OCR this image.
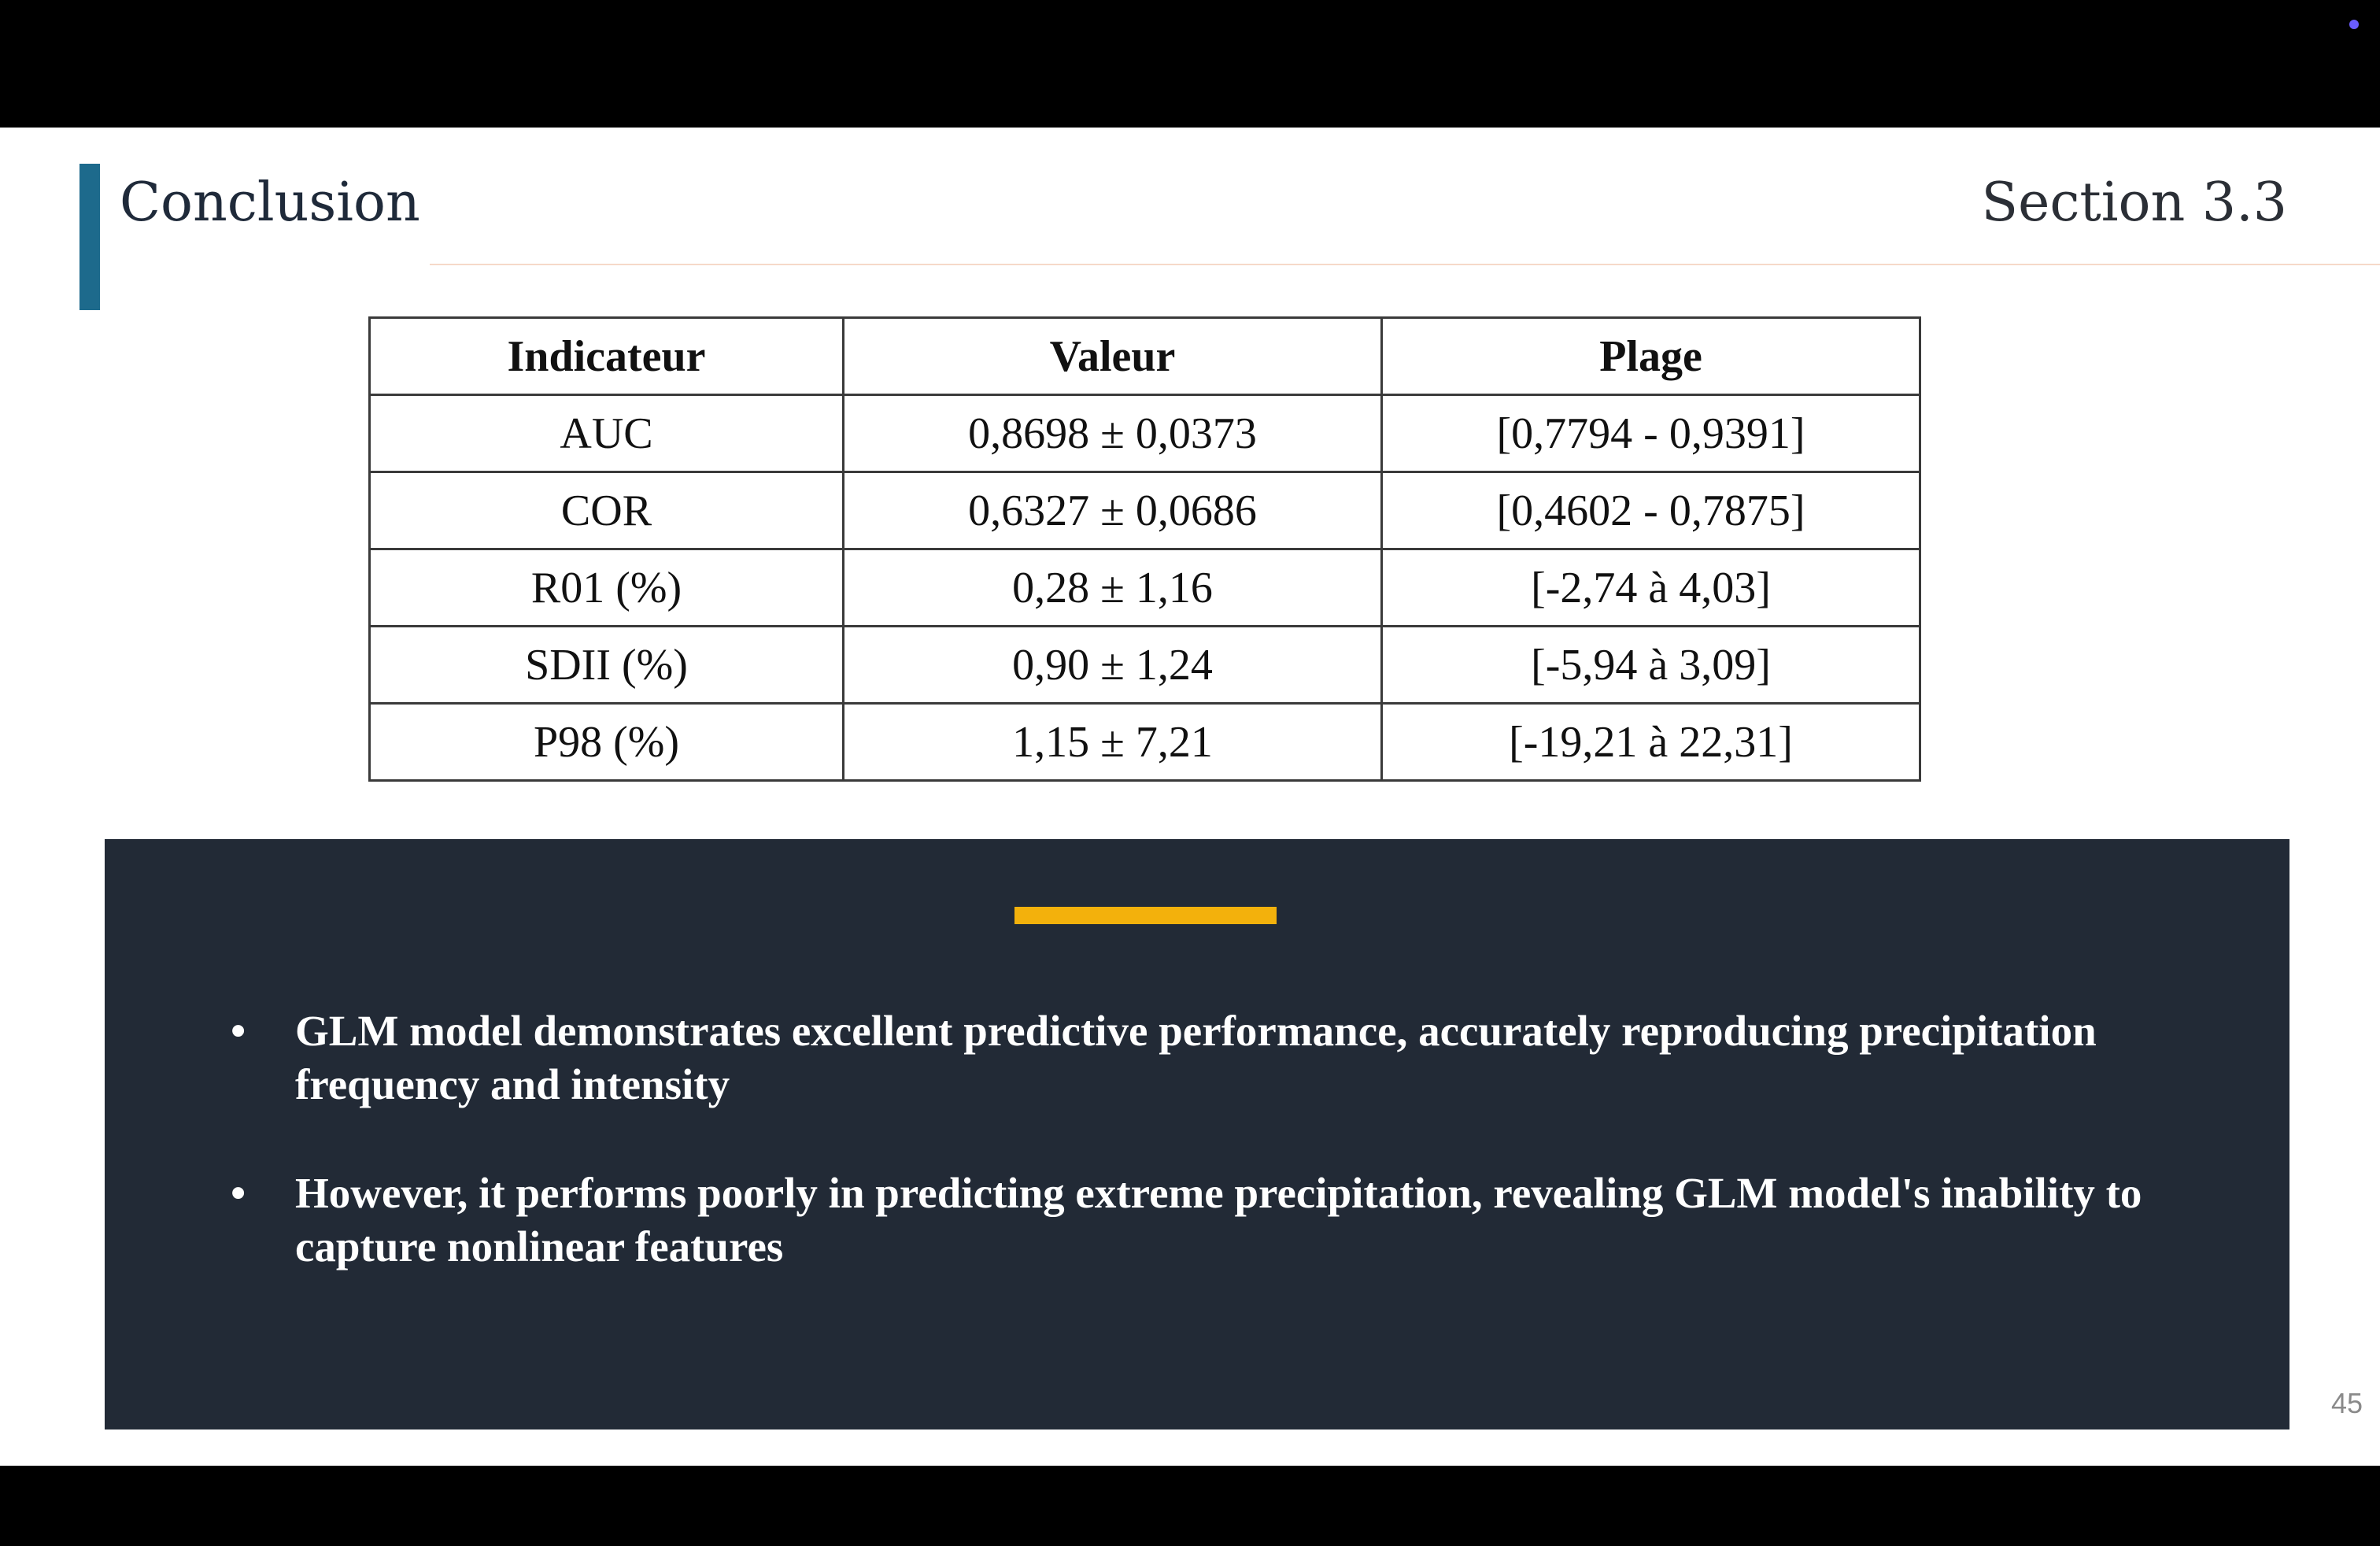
Conclusion	Section 3.3
Indicateur	Valeur	Plage
AUC	0,8698 ± 0,0373	[0,7794 - 0,9391]
COR	0,6327 ± 0,0686	[0,4602 - 0,7875]
R01 (%)	0,28 ± 1,16	[-2,74 à 4,03]
SDII (%)	0,90 ± 1,24	[-5,94 à 3,09]
P98 (%)	1,15 ± 7,21	[-19,21 à 22,31]
• GLM model demonstrates excellent predictive performance, accurately reproducing precipitation frequency and intensity
• However, it performs poorly in predicting extreme precipitation, revealing GLM model's inability to capture nonlinear features
45
